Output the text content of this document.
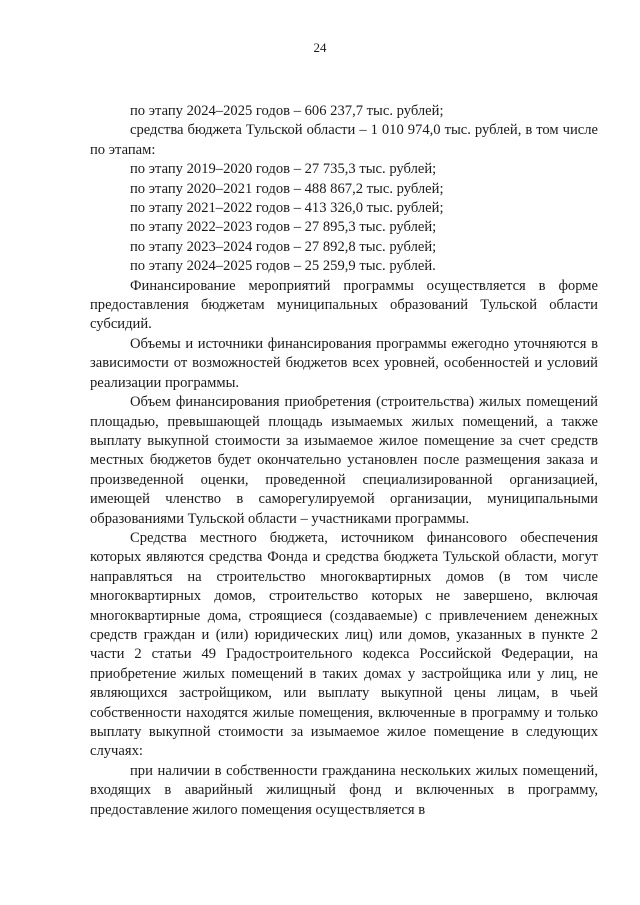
24

по этапу 2024–2025 годов – 606 237,7 тыс. рублей;

средства бюджета Тульской области – 1 010 974,0 тыс. рублей, в том числе по этапам:

по этапу 2019–2020 годов – 27 735,3 тыс. рублей;

по этапу 2020–2021 годов – 488 867,2 тыс. рублей;

по этапу 2021–2022 годов – 413 326,0 тыс. рублей;

по этапу 2022–2023 годов – 27 895,3 тыс. рублей;

по этапу 2023–2024 годов – 27 892,8 тыс. рублей;

по этапу 2024–2025 годов – 25 259,9 тыс. рублей.

Финансирование мероприятий программы осуществляется в форме предоставления бюджетам муниципальных образований Тульской области субсидий.

Объемы и источники финансирования программы ежегодно уточняются в зависимости от возможностей бюджетов всех уровней, особенностей и условий реализации программы.

Объем финансирования приобретения (строительства) жилых помещений площадью, превышающей площадь изымаемых жилых помещений, а также выплату выкупной стоимости за изымаемое жилое помещение за счет средств местных бюджетов будет окончательно установлен после размещения заказа и произведенной оценки, проведенной специализированной организацией, имеющей членство в саморегулируемой организации, муниципальными образованиями Тульской области – участниками программы.

Средства местного бюджета, источником финансового обеспечения которых являются средства Фонда и средства бюджета Тульской области, могут направляться на строительство многоквартирных домов (в том числе многоквартирных домов, строительство которых не завершено, включая многоквартирные дома, строящиеся (создаваемые) с привлечением денежных средств граждан и (или) юридических лиц) или домов, указанных в пункте 2 части 2 статьи 49 Градостроительного кодекса Российской Федерации, на приобретение жилых помещений в таких домах у застройщика или у лиц, не являющихся застройщиком, или выплату выкупной цены лицам, в чьей собственности находятся жилые помещения, включенные в программу и только выплату выкупной стоимости за изымаемое жилое помещение в следующих случаях:

при наличии в собственности гражданина нескольких жилых помещений, входящих в аварийный жилищный фонд и включенных в программу, предоставление жилого помещения осуществляется в
